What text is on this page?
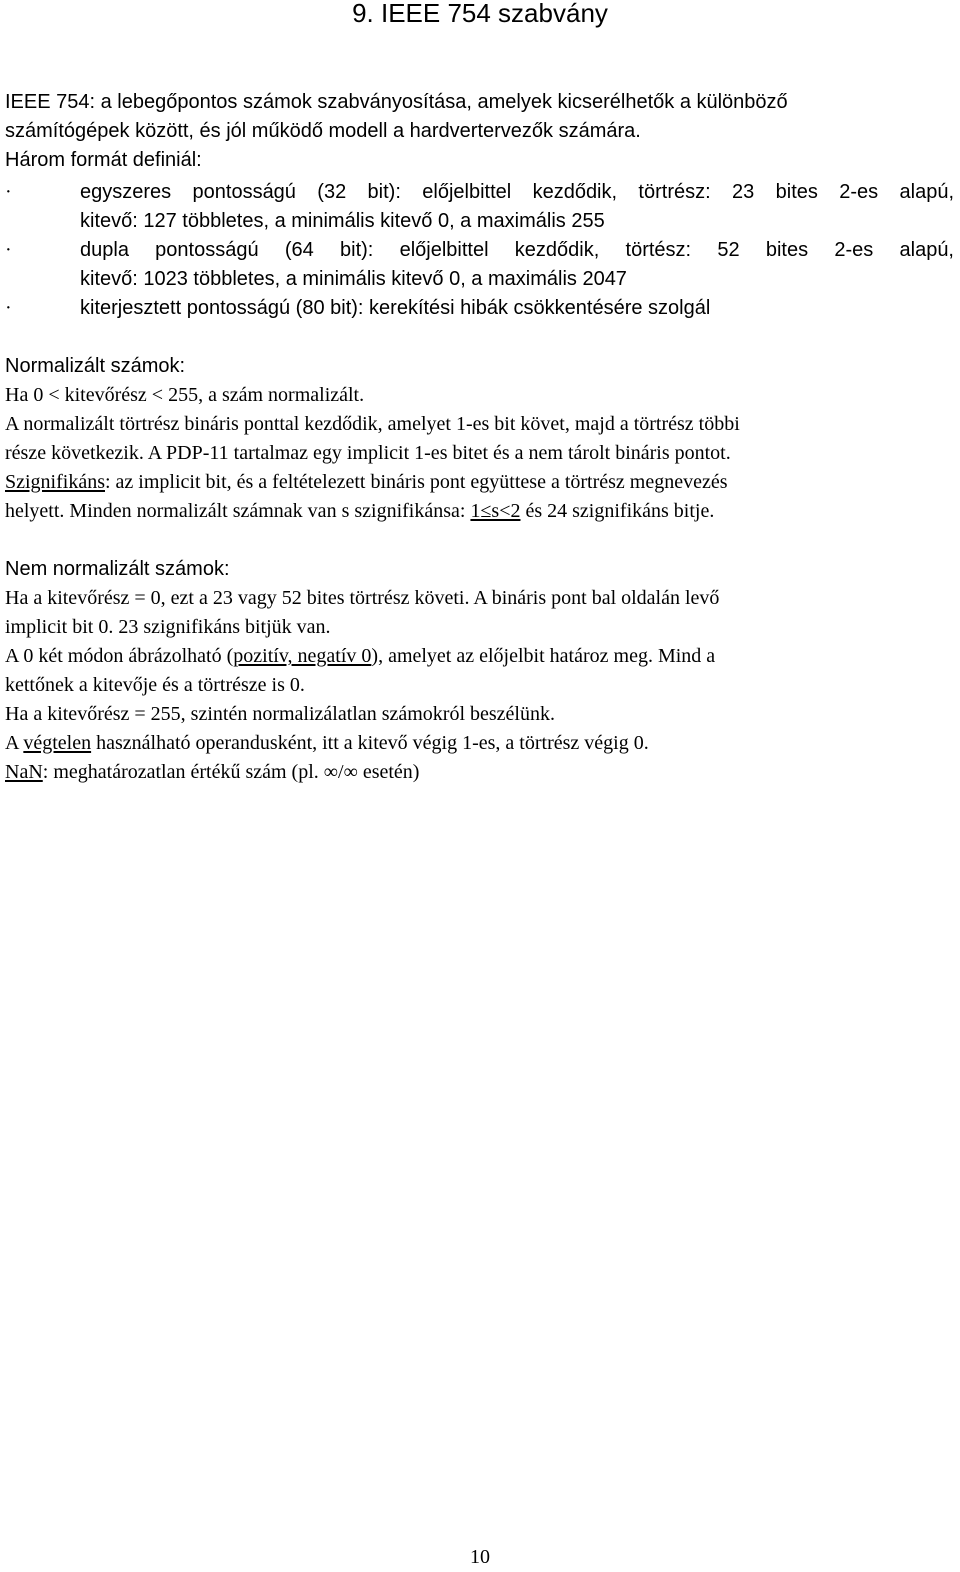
9. IEEE 754 szabvány
IEEE 754: a lebegőpontos számok szabványosítása, amelyek kicserélhetők a különböző
számítógépek között, és jól működő modell a hardvertervezők számára.
Három formát definiál:
·	egyszeres pontosságú (32 bit): előjelbittel kezdődik, törtrész: 23 bites 2-es alapú,
kitevő: 127 többletes, a minimális kitevő 0, a maximális 255
·	dupla pontosságú (64 bit): előjelbittel kezdődik, törtész: 52 bites 2-es alapú,
kitevő: 1023 többletes, a minimális kitevő 0, a maximális 2047
·	kiterjesztett pontosságú (80 bit): kerekítési hibák csökkentésére szolgál
Normalizált számok:
Ha 0 < kitevőrész < 255, a szám normalizált.
A normalizált törtrész bináris ponttal kezdődik, amelyet 1-es bit követ, majd a törtrész többi
része következik. A PDP-11 tartalmaz egy implicit 1-es bitet és a nem tárolt bináris pontot.
Szignifikáns: az implicit bit, és a feltételezett bináris pont együttese a törtrész megnevezés
helyett. Minden normalizált számnak van s szignifikánsa: 1≤s<2 és 24 szignifikáns bitje.
Nem normalizált számok:
Ha a kitevőrész = 0, ezt a 23 vagy 52 bites törtrész követi. A bináris pont bal oldalán levő
implicit bit 0. 23 szignifikáns bitjük van.
A 0 két módon ábrázolható (pozitív, negatív 0), amelyet az előjelbit határoz meg. Mind a
kettőnek a kitevője és a törtrésze is 0.
Ha a kitevőrész = 255, szintén normalizálatlan számokról beszélünk.
A végtelen használható operandusként, itt a kitevő végig 1-es, a törtrész végig 0.
NaN: meghatározatlan értékű szám (pl. ∞/∞ esetén)
10
